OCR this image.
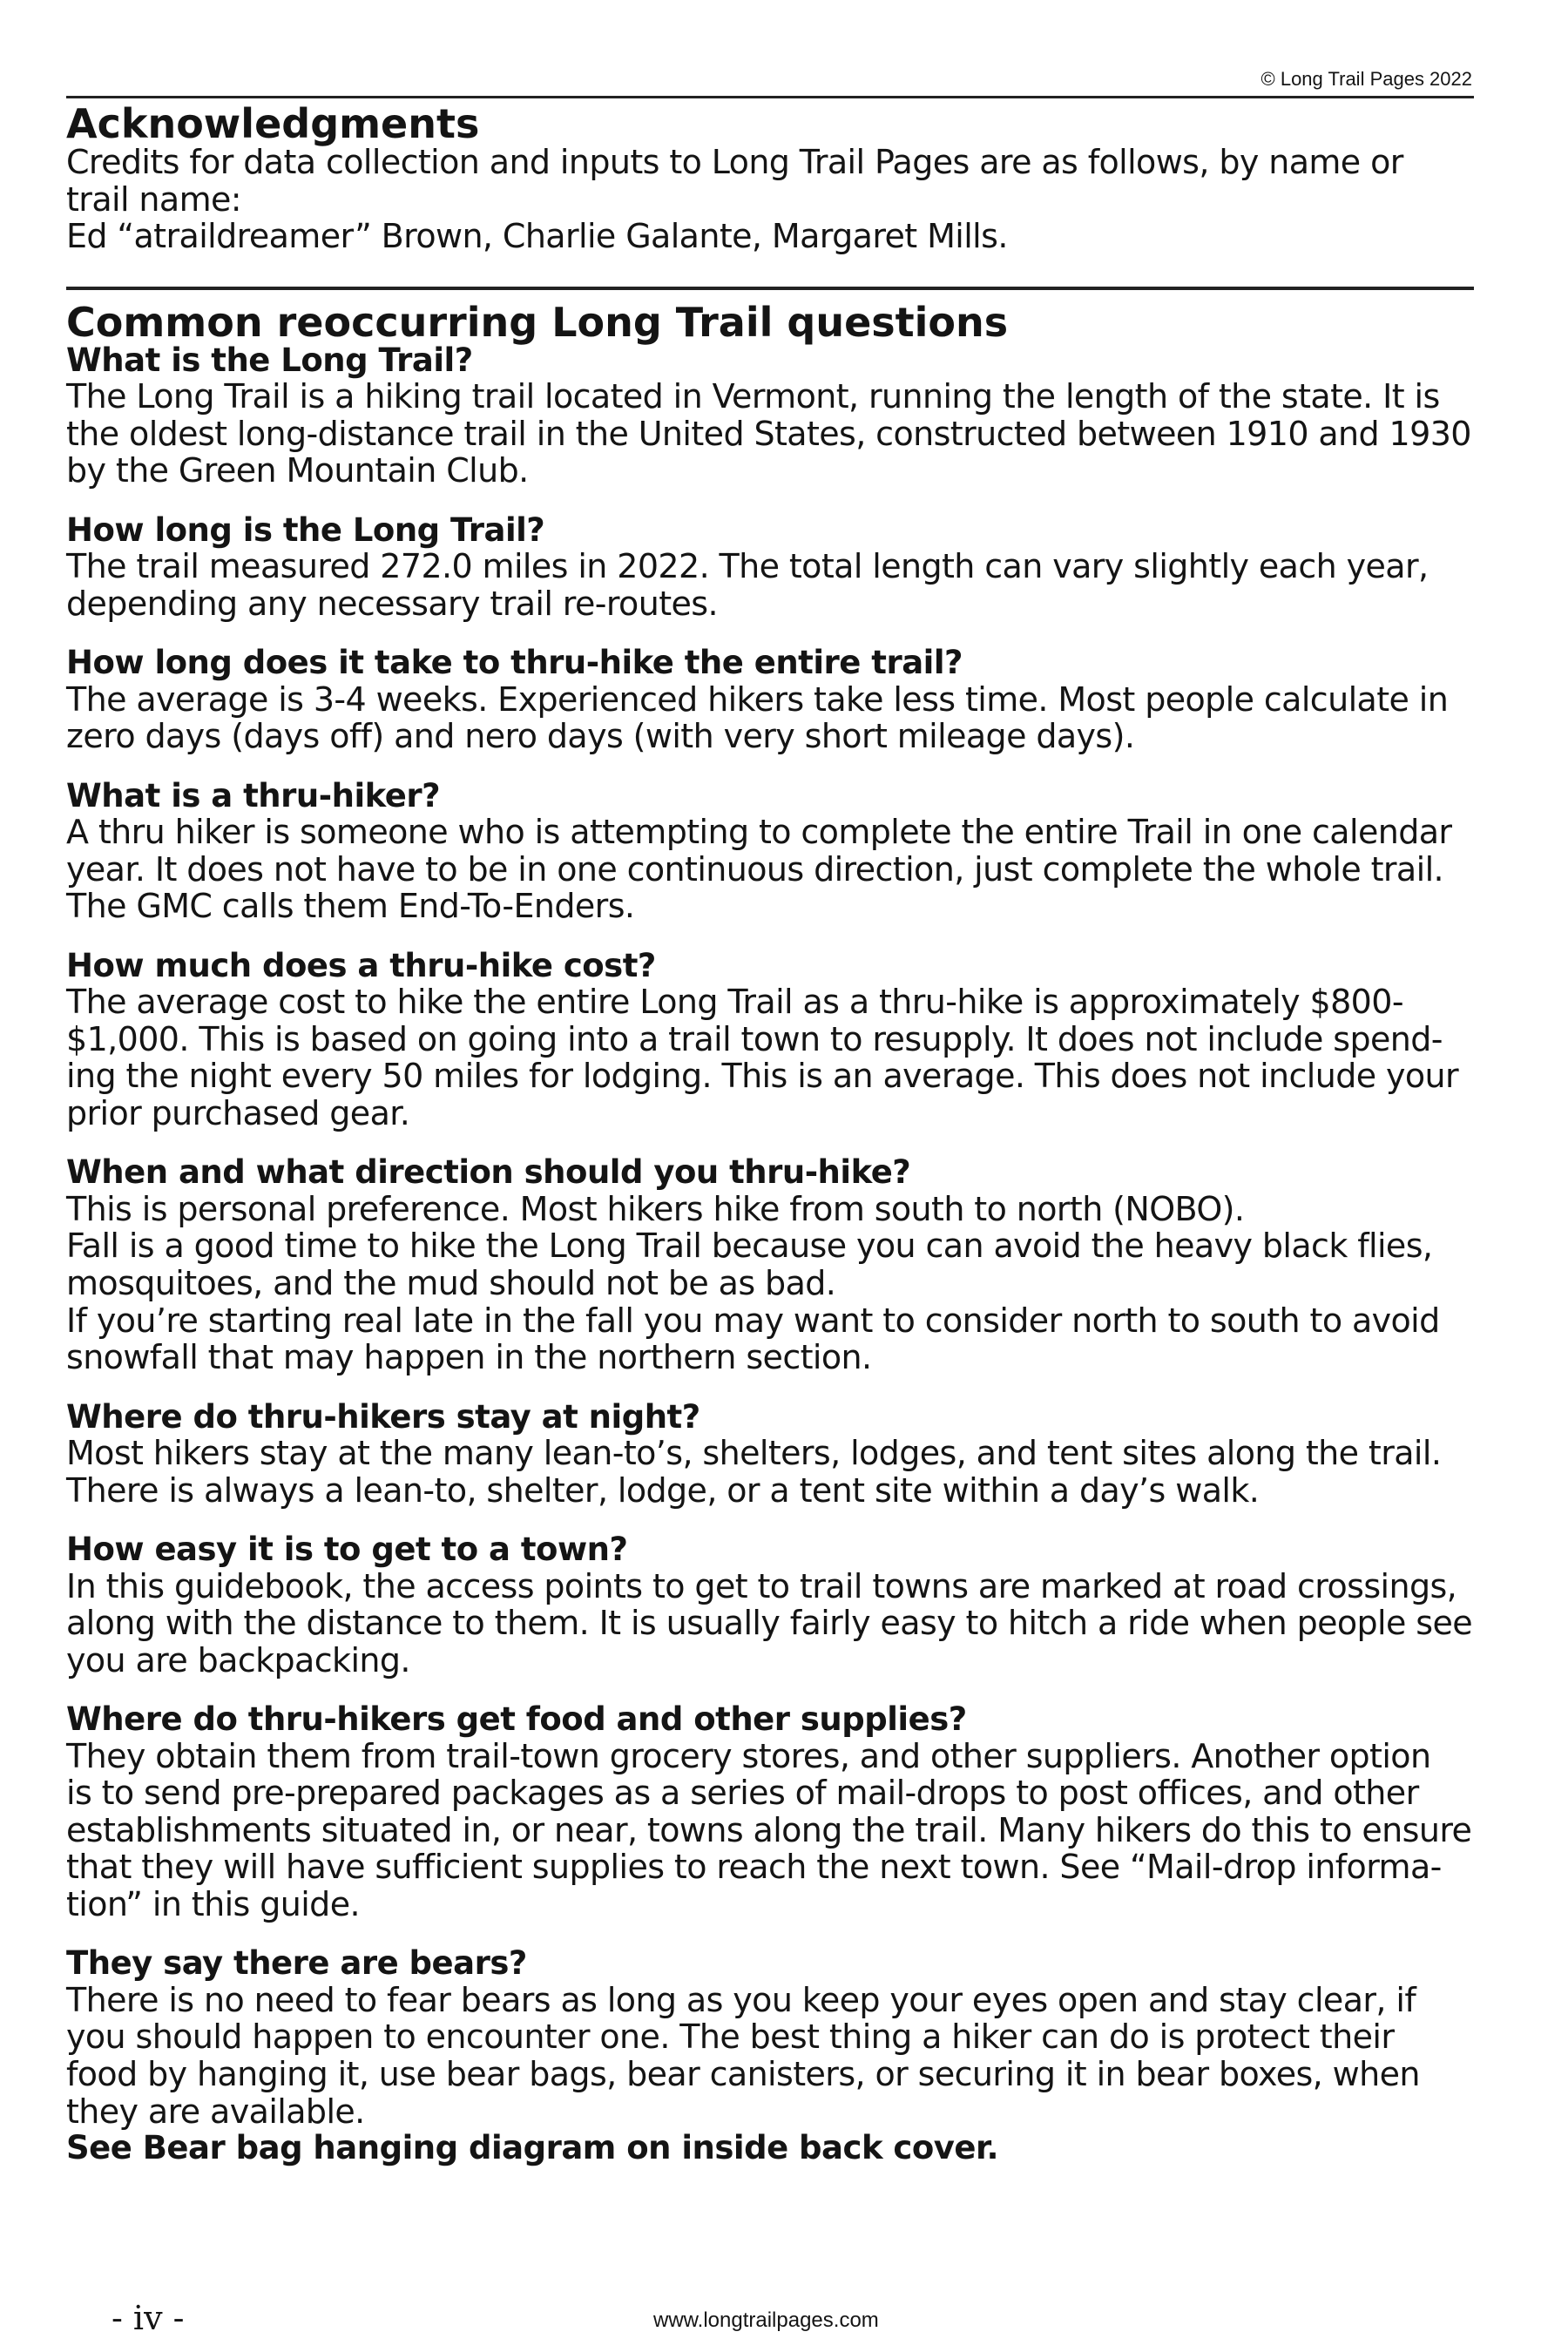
© Long Trail Pages 2022
Acknowledgments

Credits for data collection and inputs to Long Trail Pages are as follows, by name or
trail name:
Ed “atraildreamer” Brown, Charlie Galante, Margaret Mills.

Common reoccurring Long Trail questions
What is the Long Trail?

The Long Trail is a hiking trail located in Vermont, running the length of the state. It is
the oldest long-distance trail in the United States, constructed between 1910 and 1930
by the Green Mountain Club.

How long is the Long Trail?

The trail measured 272.0 miles in 2022. The total length can vary slightly each year,
depending any necessary trail re-routes.

How long does it take to thru-hike the entire trail?

The average is 3-4 weeks. Experienced hikers take less time. Most people calculate in
zero days (days off) and nero days (with very short mileage days).

What is a thru-hiker?

A thru hiker is someone who is attempting to complete the entire Trail in one calendar
year. It does not have to be in one continuous direction, just complete the whole trail.
The GMC calls them End-To-Enders.

How much does a thru-hike cost?

The average cost to hike the entire Long Trail as a thru-hike is approximately $800-
$1,000. This is based on going into a trail town to resupply. It does not include spend-
ing the night every 50 miles for lodging. This is an average. This does not include your
prior purchased gear.

When and what direction should you thru-hike?

This is personal preference. Most hikers hike from south to north (NOBO).
Fall is a good time to hike the Long Trail because you can avoid the heavy black flies,
mosquitoes, and the mud should not be as bad.
If you’re starting real late in the fall you may want to consider north to south to avoid
snowfall that may happen in the northern section.

Where do thru-hikers stay at night?

Most hikers stay at the many lean-to’s, shelters, lodges, and tent sites along the trail.
There is always a lean-to, shelter, lodge, or a tent site within a day’s walk.

How easy it is to get to a town?

In this guidebook, the access points to get to trail towns are marked at road crossings,
along with the distance to them. It is usually fairly easy to hitch a ride when people see
you are backpacking.

Where do thru-hikers get food and other supplies?

They obtain them from trail-town grocery stores, and other suppliers. Another option
is to send pre-prepared packages as a series of mail-drops to post offices, and other
establishments situated in, or near, towns along the trail. Many hikers do this to ensure
that they will have sufficient supplies to reach the next town. See “Mail-drop informa-
tion” in this guide.

They say there are bears?

There is no need to fear bears as long as you keep your eyes open and stay clear, if
you should happen to encounter one. The best thing a hiker can do is protect their
food by hanging it, use bear bags, bear canisters, or securing it in bear boxes, when
they are available.

See Bear bag hanging diagram on inside back cover.

- iv -	www.longtrailpages.com
